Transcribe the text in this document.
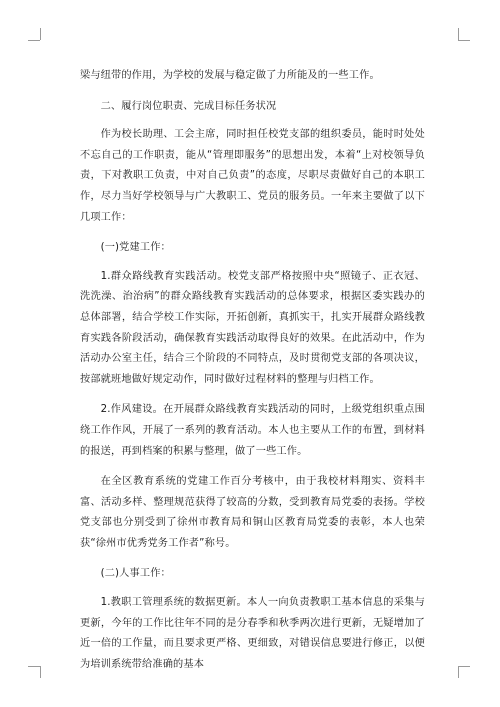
梁与纽带的作用，为学校的发展与稳定做了力所能及的一些工作。

二、履行岗位职责、完成目标任务状况

作为校长助理、工会主席，同时担任校党支部的组织委员，能时时处处不忘自己的工作职责，能从“管理即服务”的思想出发，本着“上对校领导负责，下对教职工负责，中对自己负责”的态度，尽职尽责做好自己的本职工作，尽力当好学校领导与广大教职工、党员的服务员。一年来主要做了以下几项工作：

(一)党建工作：

1.群众路线教育实践活动。校党支部严格按照中央“照镜子、正衣冠、洗洗澡、治治病”的群众路线教育实践活动的总体要求，根据区委实践办的总体部署，结合学校工作实际，开拓创新，真抓实干，扎实开展群众路线教育实践各阶段活动，确保教育实践活动取得良好的效果。在此活动中，作为活动办公室主任，结合三个阶段的不同特点，及时贯彻党支部的各项决议，按部就班地做好规定动作，同时做好过程材料的整理与归档工作。

2.作风建设。在开展群众路线教育实践活动的同时，上级党组织重点围绕工作作风，开展了一系列的教育活动。本人也主要从工作的布置，到材料的报送，再到档案的积累与整理，做了一些工作。

在全区教育系统的党建工作百分考核中，由于我校材料翔实、资料丰富、活动多样、整理规范获得了较高的分数，受到教育局党委的表扬。学校党支部也分别受到了徐州市教育局和铜山区教育局党委的表彰，本人也荣获“徐州市优秀党务工作者”称号。

(二)人事工作：

1.教职工管理系统的数据更新。本人一向负责教职工基本信息的采集与更新，今年的工作比往年不同的是分春季和秋季两次进行更新，无疑增加了近一倍的工作量，而且要求更严格、更细致，对错误信息要进行修正，以便为培训系统带给准确的基本
